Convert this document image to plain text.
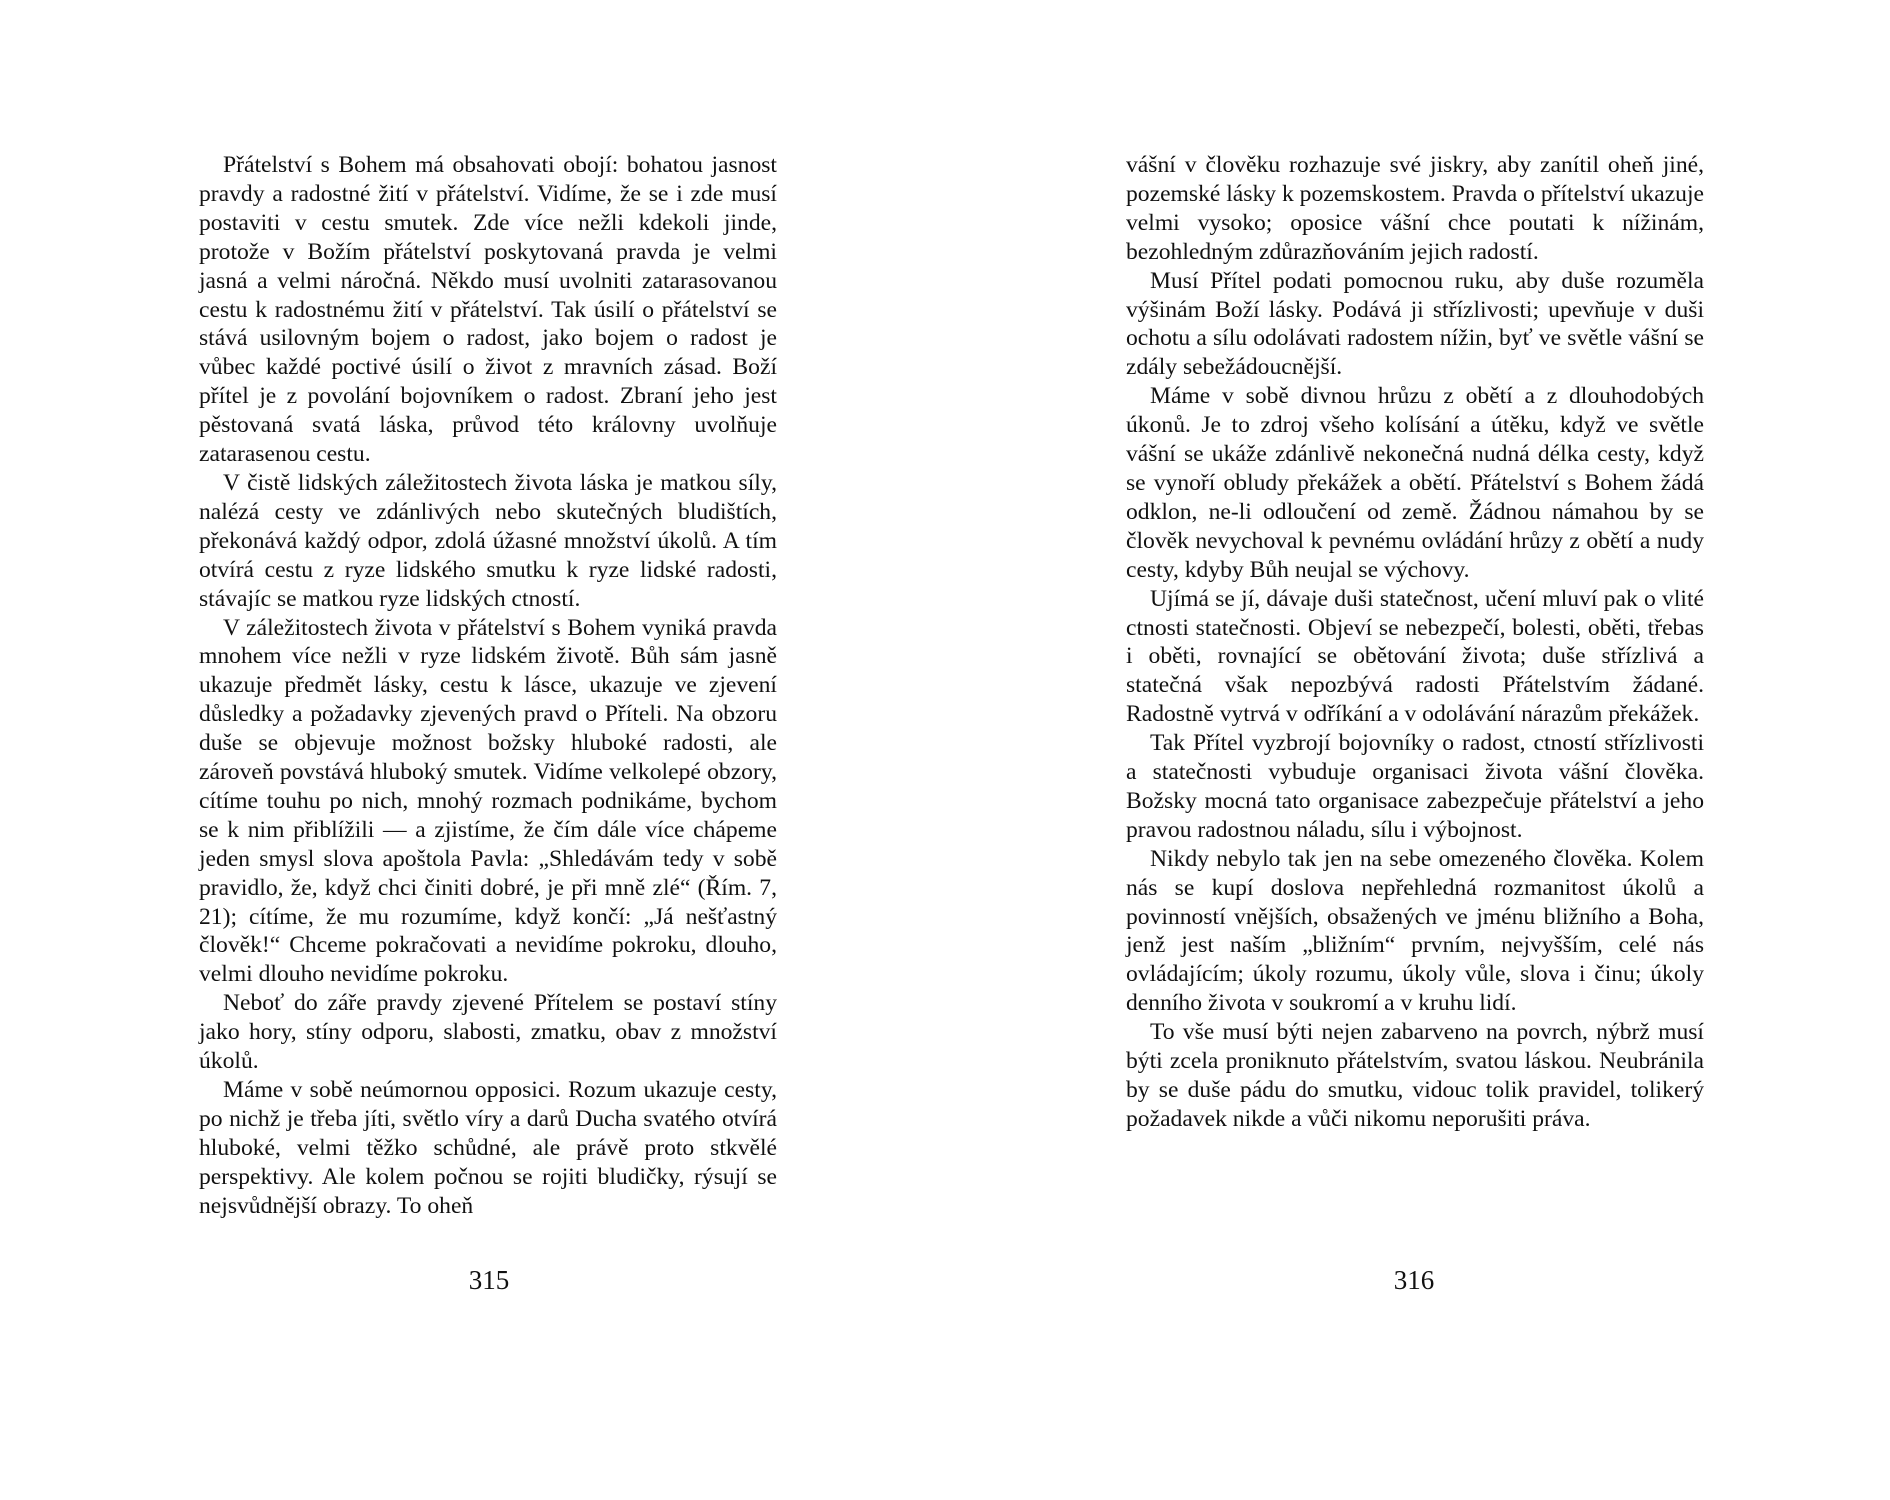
Přátelství s Bohem má obsahovati obojí: bohatou jasnost pravdy a radostné žití v přátelství. Vidíme, že se i zde musí postaviti v cestu smutek. Zde více nežli kdekoli jinde, protože v Božím přátelství poskytovaná pravda je velmi jasná a velmi náročná. Někdo musí uvolniti zatarasovanou cestu k radostnému žití v přátelství. Tak úsilí o přátelství se stává usilovným bojem o radost, jako bojem o radost je vůbec každé poctivé úsilí o život z mravních zásad. Boží přítel je z povolání bojovníkem o radost. Zbraní jeho jest pěstovaná svatá láska, průvod této královny uvolňuje zatarasenou cestu.

V čistě lidských záležitostech života láska je matkou síly, nalézá cesty ve zdánlivých nebo skutečných bludištích, překonává každý odpor, zdolá úžasné množství úkolů. A tím otvírá cestu z ryze lidského smutku k ryze lidské radosti, stávajíc se matkou ryze lidských ctností.

V záležitostech života v přátelství s Bohem vyniká pravda mnohem více nežli v ryze lidském životě. Bůh sám jasně ukazuje předmět lásky, cestu k lásce, ukazuje ve zjevení důsledky a požadavky zjevených pravd o Příteli. Na obzoru duše se objevuje možnost božsky hluboké radosti, ale zároveň povstává hluboký smutek. Vidíme velkolepé obzory, cítíme touhu po nich, mnohý rozmach podnikáme, bychom se k nim přiblížili — a zjistíme, že čím dále více chápeme jeden smysl slova apoštola Pavla: „Shledávám tedy v sobě pravidlo, že, když chci činiti dobré, je při mně zlé“ (Řím. 7, 21); cítíme, že mu rozumíme, když končí: „Já nešťastný člověk!“ Chceme pokračovati a nevidíme pokroku, dlouho, velmi dlouho nevidíme pokroku.

Neboť do záře pravdy zjevené Přítelem se postaví stíny jako hory, stíny odporu, slabosti, zmatku, obav z množství úkolů.

Máme v sobě neúmornou opposici. Rozum ukazuje cesty, po nichž je třeba jíti, světlo víry a darů Ducha svatého otvírá hluboké, velmi těžko schůdné, ale právě proto stkvělé perspektivy. Ale kolem počnou se rojiti bludičky, rýsují se nejsvůdnější obrazy. To oheň

315

vášní v člověku rozhazuje své jiskry, aby zanítil oheň jiné, pozemské lásky k pozemskostem. Pravda o přítelství ukazuje velmi vysoko; oposice vášní chce poutati k nížinám, bezohledným zdůrazňováním jejich radostí.

Musí Přítel podati pomocnou ruku, aby duše rozuměla výšinám Boží lásky. Podává ji střízlivosti; upevňuje v duši ochotu a sílu odolávati radostem nížin, byť ve světle vášní se zdály sebežádoucnější.

Máme v sobě divnou hrůzu z obětí a z dlouhodobých úkonů. Je to zdroj všeho kolísání a útěku, když ve světle vášní se ukáže zdánlivě nekonečná nudná délka cesty, když se vynoří obludy překážek a obětí. Přátelství s Bohem žádá odklon, ne-li odloučení od země. Žádnou námahou by se člověk nevychoval k pevnému ovládání hrůzy z obětí a nudy cesty, kdyby Bůh neujal se výchovy.

Ujímá se jí, dávaje duši statečnost, učení mluví pak o vlité ctnosti statečnosti. Objeví se nebezpečí, bolesti, oběti, třebas i oběti, rovnající se obětování života; duše střízlivá a statečná však nepozbývá radosti Přátelstvím žádané. Radostně vytrvá v odříkání a v odolávání nárazům překážek.

Tak Přítel vyzbrojí bojovníky o radost, ctností střízlivosti a statečnosti vybuduje organisaci života vášní člověka. Božsky mocná tato organisace zabezpečuje přátelství a jeho pravou radostnou náladu, sílu i výbojnost.

Nikdy nebylo tak jen na sebe omezeného člověka. Kolem nás se kupí doslova nepřehledná rozmanitost úkolů a povinností vnějších, obsažených ve jménu bližního a Boha, jenž jest naším „bližním“ prvním, nejvyšším, celé nás ovládajícím; úkoly rozumu, úkoly vůle, slova i činu; úkoly denního života v soukromí a v kruhu lidí.

To vše musí býti nejen zabarveno na povrch, nýbrž musí býti zcela proniknuto přátelstvím, svatou láskou. Neubránila by se duše pádu do smutku, vidouc tolik pravidel, tolikerý požadavek nikde a vůči nikomu neporušiti práva.

316
